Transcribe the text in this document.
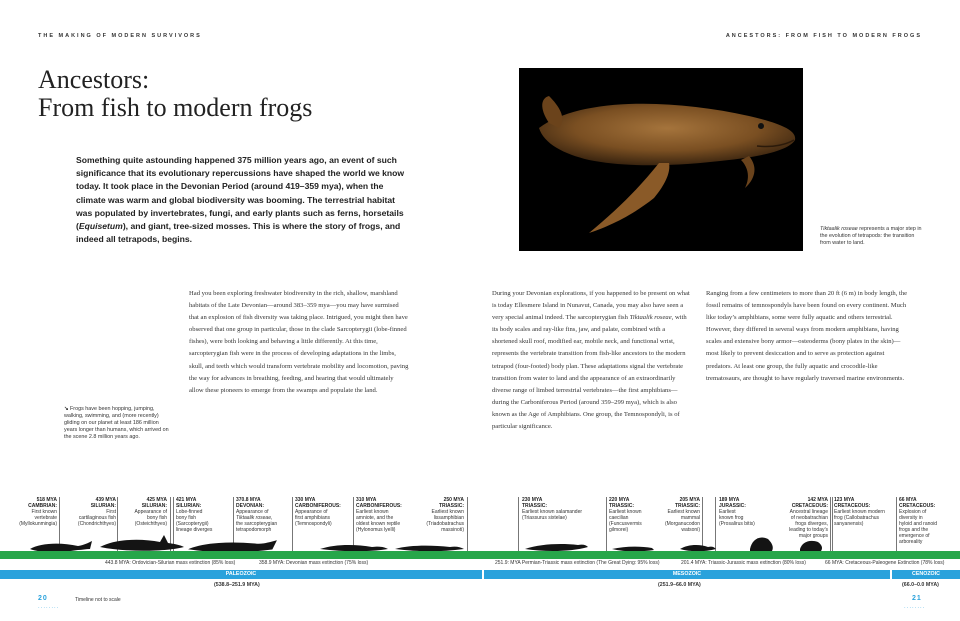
THE MAKING OF MODERN SURVIVORS	ANCESTORS: FROM FISH TO MODERN FROGS
Ancestors:
From fish to modern frogs
Something quite astounding happened 375 million years ago, an event of such significance that its evolutionary repercussions have shaped the world we know today. It took place in the Devonian Period (around 419–359 mya), when the climate was warm and global biodiversity was booming. The terrestrial habitat was populated by invertebrates, fungi, and early plants such as ferns, horsetails (Equisetum), and giant, tree-sized mosses. This is where the story of frogs, and indeed all tetrapods, begins.
Tiktaalik roseae represents a major step in the evolution of tetrapods: the transition from water to land.
↘ Frogs have been hopping, jumping, walking, swimming, and (more recently) gliding on our planet at least 186 million years longer than humans, which arrived on the scene 2.8 million years ago.
Had you been exploring freshwater biodiversity in the rich, shallow, marshland habitats of the Late Devonian—around 383–359 mya—you may have surmised that an explosion of fish diversity was taking place. Intrigued, you might then have observed that one group in particular, those in the clade Sarcopterygii (lobe-finned fishes), were both looking and behaving a little differently. At this time, sarcopterygian fish were in the process of developing adaptations in the limbs, skull, and teeth which would transform vertebrate mobility and locomotion, paving the way for advances in breathing, feeding, and hearing that would ultimately allow these pioneers to emerge from the swamps and populate the land.
During your Devonian explorations, if you happened to be present on what is today Ellesmere Island in Nunavut, Canada, you may also have seen a very special animal indeed. The sarcopterygian fish Tiktaalik roseae, with its body scales and ray-like fins, jaw, and palate, combined with a shortened skull roof, modified ear, mobile neck, and functional wrist, represents the vertebrate transition from fish-like ancestors to the modern tetrapod (four-footed) body plan. These adaptations signal the vertebrate transition from water to land and the appearance of an extraordinarily diverse range of limbed terrestrial vertebrates—the first amphibians—during the Carboniferous Period (around 359–299 mya), which is also known as the Age of Amphibians. One group, the Temnospondyli, is of particular significance.
Ranging from a few centimeters to more than 20 ft (6 m) in body length, the fossil remains of temnospondyls have been found on every continent. Much like today’s amphibians, some were fully aquatic and others terrestrial. However, they differed in several ways from modern amphibians, having scales and extensive bony armor—osteoderms (bony plates in the skin)—most likely to prevent desiccation and to serve as protection against predators. At least one group, the fully aquatic and crocodile-like trematosaurs, are thought to have regularly traversed marine environments.
518 MYA
CAMBRIAN:
First known
vertebrate
(Myllokunmingia)
439 MYA
SILURIAN:
First
cartilaginous fish
(Chondrichthyes)
425 MYA
SILURIAN:
Appearance of
bony fish
(Osteichthyes)
421 MYA
SILURIAN:
Lobe-finned
bony fish
(Sarcopterygii)
lineage diverges
370.8 MYA
DEVONIAN:
Appearance of
Tiktaalik roseae,
the sarcopterygian
tetrapodomorph
330 MYA
CARBONIFEROUS:
Appearance of
first amphibians
(Temnospondyli)
310 MYA
CARBONIFEROUS:
Earliest known
amniote, and the
oldest known reptile
(Hylonomus lyelli)
250 MYA
TRIASSIC:
Earliest known
lissamphibian
(Triadobatrachus
massinoti)
230 MYA
TRIASSIC:
Earliest known salamander
(Triassurus sixtelae)
220 MYA
TRIASSIC:
Earliest known
caecilian
(Funcusvermis
gilmorei)
205 MYA
TRIASSIC:
Earliest known
mammal
(Morganucodon
watsoni)
189 MYA
JURASSIC:
Earliest
known frog
(Prosalirus bitis)
142 MYA
CRETACEOUS:
Ancestral lineage
of neobatrachian
frogs diverges,
leading to today’s
major groups
123 MYA
CRETACEOUS:
Earliest known modern
frog (Callobatrachus
sanyanensis)
66 MYA
CRETACEOUS:
Explosion of
diversity in
hyloid and ranoid
frogs and the
emergence of
arboreality
443.8 MYA: Ordovician-Silurian mass extinction (85% loss)	358.9 MYA: Devonian mass extinction (75% loss)	251.9: MYA Permian-Triassic mass extinction (The Great Dying: 95% loss)	201.4 MYA: Triassic-Jurassic mass extinction (80% loss)	66 MYA: Cretaceous-Paleogene Extinction (78% loss)
PALEOZOIC	MESOZOIC	CENOZOIC
(538.8–251.9 MYA)	(251.9–66.0 MYA)	(66.0–0.0 MYA)
20
········
Timeline not to scale	21
········
